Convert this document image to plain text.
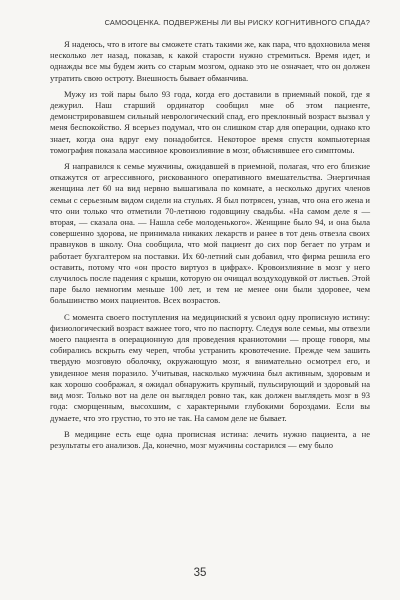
САМООЦЕНКА. ПОДВЕРЖЕНЫ ЛИ ВЫ РИСКУ КОГНИТИВНОГО СПАДА?

Я надеюсь, что в итоге вы сможете стать такими же, как пара, что вдохновила меня несколько лет назад, показав, к какой старости нужно стремиться. Время идет, и однажды все мы будем жить со старым мозгом, однако это не означает, что он должен утратить свою остроту. Внешность бывает обманчива.

Мужу из той пары было 93 года, когда его доставили в приемный покой, где я дежурил. Наш старший ординатор сообщил мне об этом пациенте, демонстрировавшем сильный неврологический спад, его преклонный возраст вызвал у меня беспокойство. Я всерьез подумал, что он слишком стар для операции, однако кто знает, когда она вдруг ему понадобится. Некоторое время спустя компьютерная томография показала массивное кровоизлияние в мозг, объяснявшее его симптомы.

Я направился к семье мужчины, ожидавшей в приемной, полагая, что его близкие откажутся от агрессивного, рискованного оперативного вмешательства. Энергичная женщина лет 60 на вид нервно вышагивала по комнате, а несколько других членов семьи с серьезным видом сидели на стульях. Я был потрясен, узнав, что она его жена и что они только что отметили 70-летнюю годовщину свадьбы. «На самом деле я — вторая, — сказала она. — Нашла себе молоденького». Женщине было 94, и она была совершенно здорова, не принимала никаких лекарств и ранее в тот день отвезла своих правнуков в школу. Она сообщила, что мой пациент до сих пор бегает по утрам и работает бухгалтером на поставки. Их 60-летний сын добавил, что фирма решила его оставить, потому что «он просто виртуоз в цифрах». Кровоизлияние в мозг у него случилось после падения с крыши, которую он очищал воздуходувкой от листьев. Этой паре было немногим меньше 100 лет, и тем не менее они были здоровее, чем большинство моих пациентов. Всех возрастов.

С момента своего поступления на медицинский я усвоил одну прописную истину: физиологический возраст важнее того, что по паспорту. Следуя воле семьи, мы отвезли моего пациента в операционную для проведения краниотомии — проще говоря, мы собирались вскрыть ему череп, чтобы устранить кровотечение. Прежде чем зашить твердую мозговую оболочку, окружающую мозг, я внимательно осмотрел его, и увиденное меня поразило. Учитывая, насколько мужчина был активным, здоровым и как хорошо соображал, я ожидал обнаружить крупный, пульсирующий и здоровый на вид мозг. Только вот на деле он выглядел ровно так, как должен выглядеть мозг в 93 года: сморщенным, высохшим, с характерными глубокими бороздами. Если вы думаете, что это грустно, то это не так. На самом деле не бывает.

В медицине есть еще одна прописная истина: лечить нужно пациента, а не результаты его анализов. Да, конечно, мозг мужчины состарился — ему было

35
